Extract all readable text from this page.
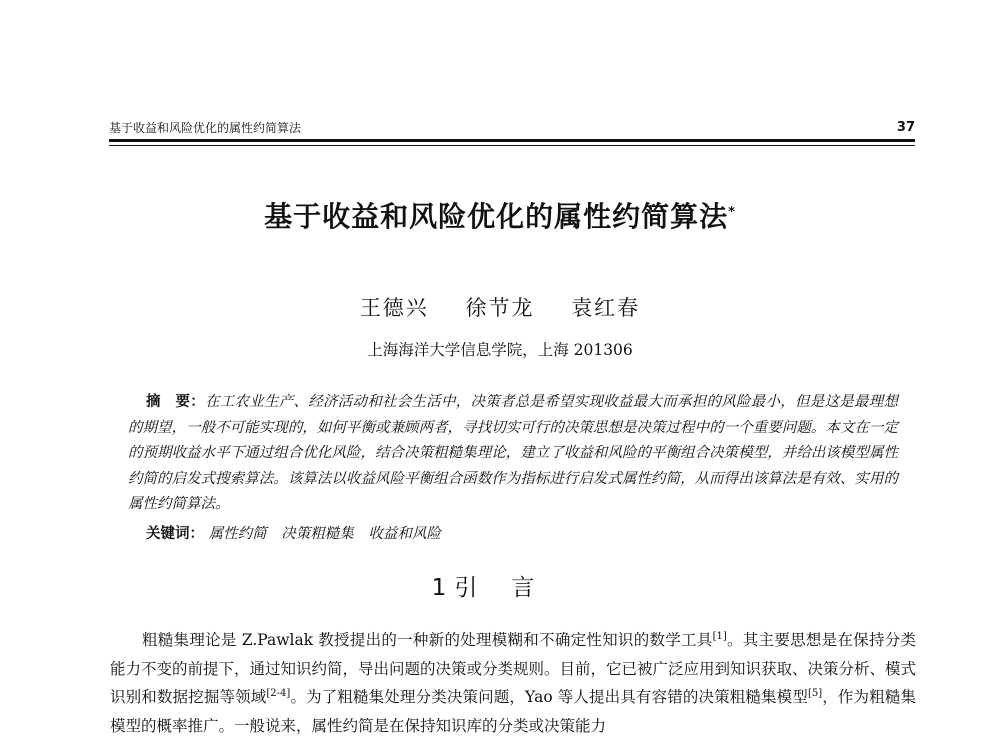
基于收益和风险优化的属性约简算法	37
基于收益和风险优化的属性约简算法*
王德兴 徐节龙 袁红春
上海海洋大学信息学院，上海 201306
摘　要：在工农业生产、经济活动和社会生活中，决策者总是希望实现收益最大而承担的风险最小，但是这是最理想的期望，一般不可能实现的，如何平衡或兼顾两者，寻找切实可行的决策思想是决策过程中的一个重要问题。本文在一定的预期收益水平下通过组合优化风险，结合决策粗糙集理论，建立了收益和风险的平衡组合决策模型，并给出该模型属性约简的启发式搜索算法。该算法以收益风险平衡组合函数作为指标进行启发式属性约简，从而得出该算法是有效、实用的属性约简算法。
关键词： 属性约简 决策粗糙集 收益和风险
1 引言

粗糙集理论是 Z.Pawlak 教授提出的一种新的处理模糊和不确定性知识的数学工具[1]。其主要思想是在保持分类能力不变的前提下，通过知识约简，导出问题的决策或分类规则。目前，它已被广泛应用到知识获取、决策分析、模式识别和数据挖掘等领域[2-4]。为了粗糙集处理分类决策问题，Yao 等人提出具有容错的决策粗糙集模型[5]，作为粗糙集模型的概率推广。一般说来，属性约简是在保持知识库的分类或决策能力
